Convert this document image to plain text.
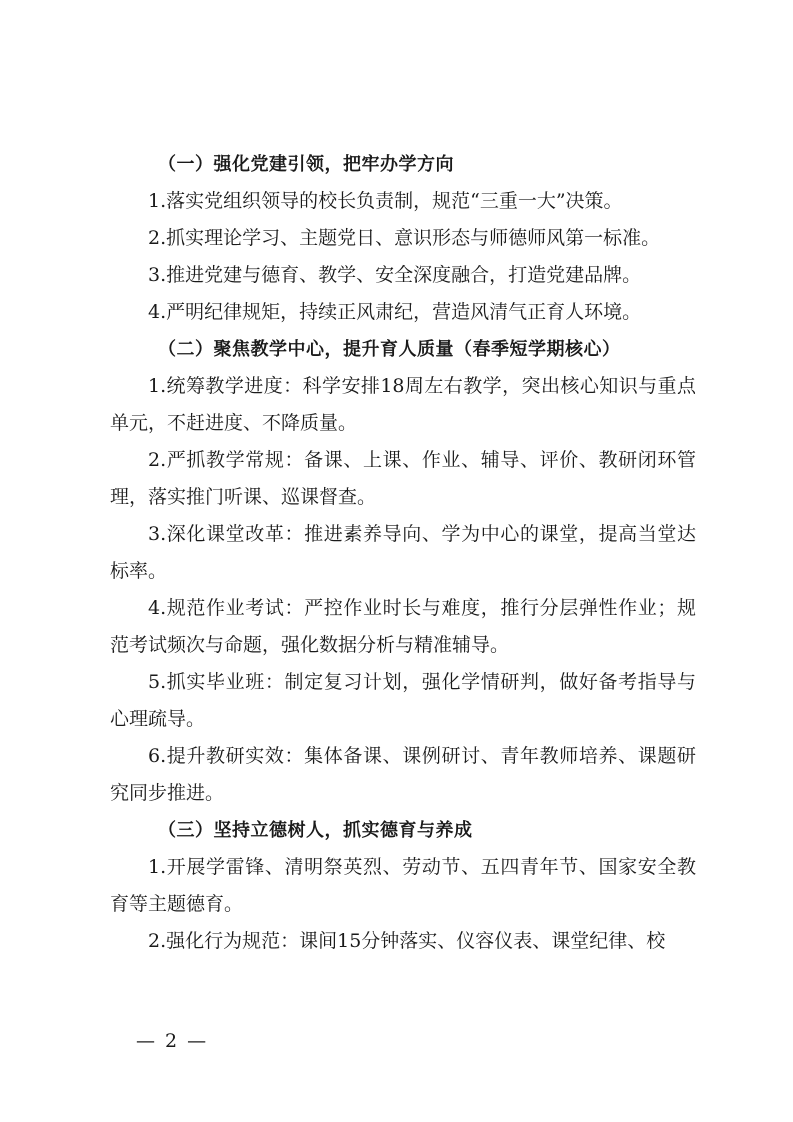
（一）强化党建引领，把牢办学方向

1.落实党组织领导的校长负责制，规范“三重一大”决策。

2.抓实理论学习、主题党日、意识形态与师德师风第一标准。

3.推进党建与德育、教学、安全深度融合，打造党建品牌。

4.严明纪律规矩，持续正风肃纪，营造风清气正育人环境。

（二）聚焦教学中心，提升育人质量（春季短学期核心）

1.统筹教学进度：科学安排18周左右教学，突出核心知识与重点单元，不赶进度、不降质量。

2.严抓教学常规：备课、上课、作业、辅导、评价、教研闭环管理，落实推门听课、巡课督查。

3.深化课堂改革：推进素养导向、学为中心的课堂，提高当堂达标率。

4.规范作业考试：严控作业时长与难度，推行分层弹性作业；规范考试频次与命题，强化数据分析与精准辅导。

5.抓实毕业班：制定复习计划，强化学情研判，做好备考指导与心理疏导。

6.提升教研实效：集体备课、课例研讨、青年教师培养、课题研究同步推进。

（三）坚持立德树人，抓实德育与养成

1.开展学雷锋、清明祭英烈、劳动节、五四青年节、国家安全教育等主题德育。

2.强化行为规范：课间15分钟落实、仪容仪表、课堂纪律、校

— 2 —
